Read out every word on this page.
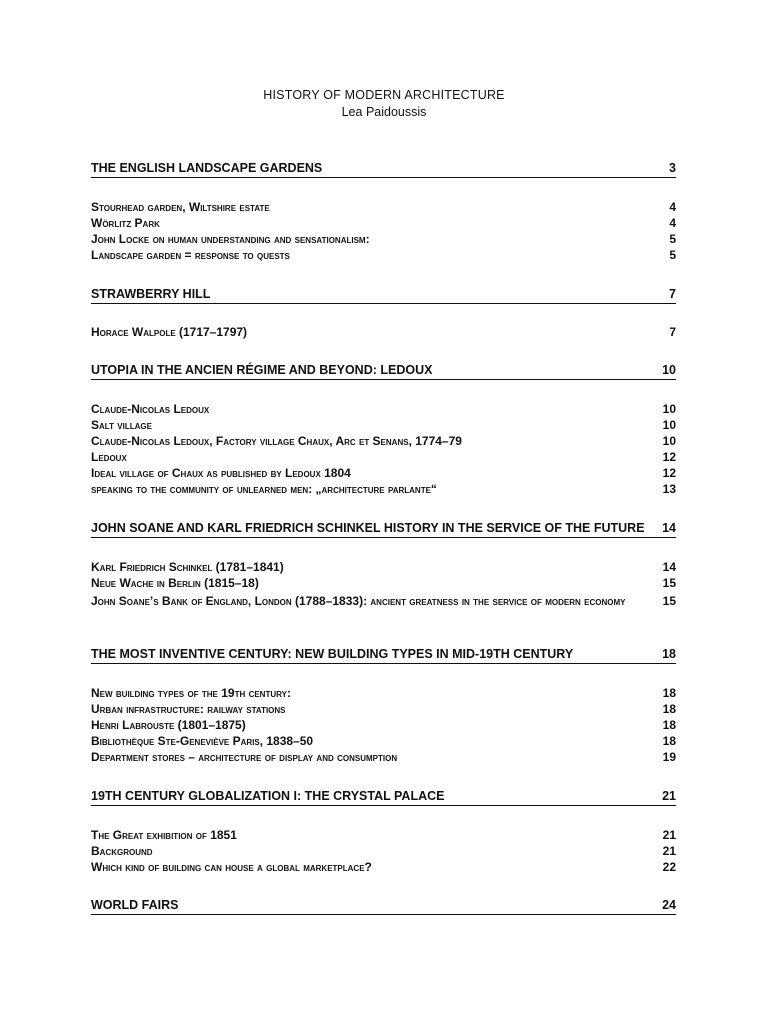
HISTORY OF MODERN ARCHITECTURE
Lea Paidoussis
THE ENGLISH LANDSCAPE GARDENS	3
Stourhead garden, Wiltshire estate	4
Wörlitz Park	4
John Locke on human understanding and sensationalism:	5
Landscape garden = response to quests	5
STRAWBERRY HILL	7
Horace Walpole (1717–1797)	7
UTOPIA IN THE ANCIEN RÉGIME AND BEYOND: LEDOUX	10
Claude-Nicolas Ledoux	10
Salt village	10
Claude-Nicolas Ledoux, Factory village Chaux, Arc et Senans, 1774–79	10
Ledoux	12
Ideal village of Chaux as published by Ledoux 1804	12
speaking to the community of unlearned men: „architecture parlante“	13
JOHN SOANE AND KARL FRIEDRICH SCHINKEL HISTORY IN THE SERVICE OF THE FUTURE	14
Karl Friedrich Schinkel (1781–1841)	14
Neue Wache in Berlin (1815–18)	15
John Soane’s Bank of England, London (1788–1833): ancient greatness in the service of modern economy	15
THE MOST INVENTIVE CENTURY: NEW BUILDING TYPES IN MID-19TH CENTURY	18
New building types of the 19th century:	18
Urban infrastructure: railway stations	18
Henri Labrouste (1801–1875)	18
Bibliothèque Ste-Geneviève Paris, 1838–50	18
Department stores – architecture of display and consumption	19
19TH CENTURY GLOBALIZATION I: THE CRYSTAL PALACE	21
The Great exhibition of 1851	21
Background	21
Which kind of building can house a global marketplace?	22
WORLD FAIRS	24
